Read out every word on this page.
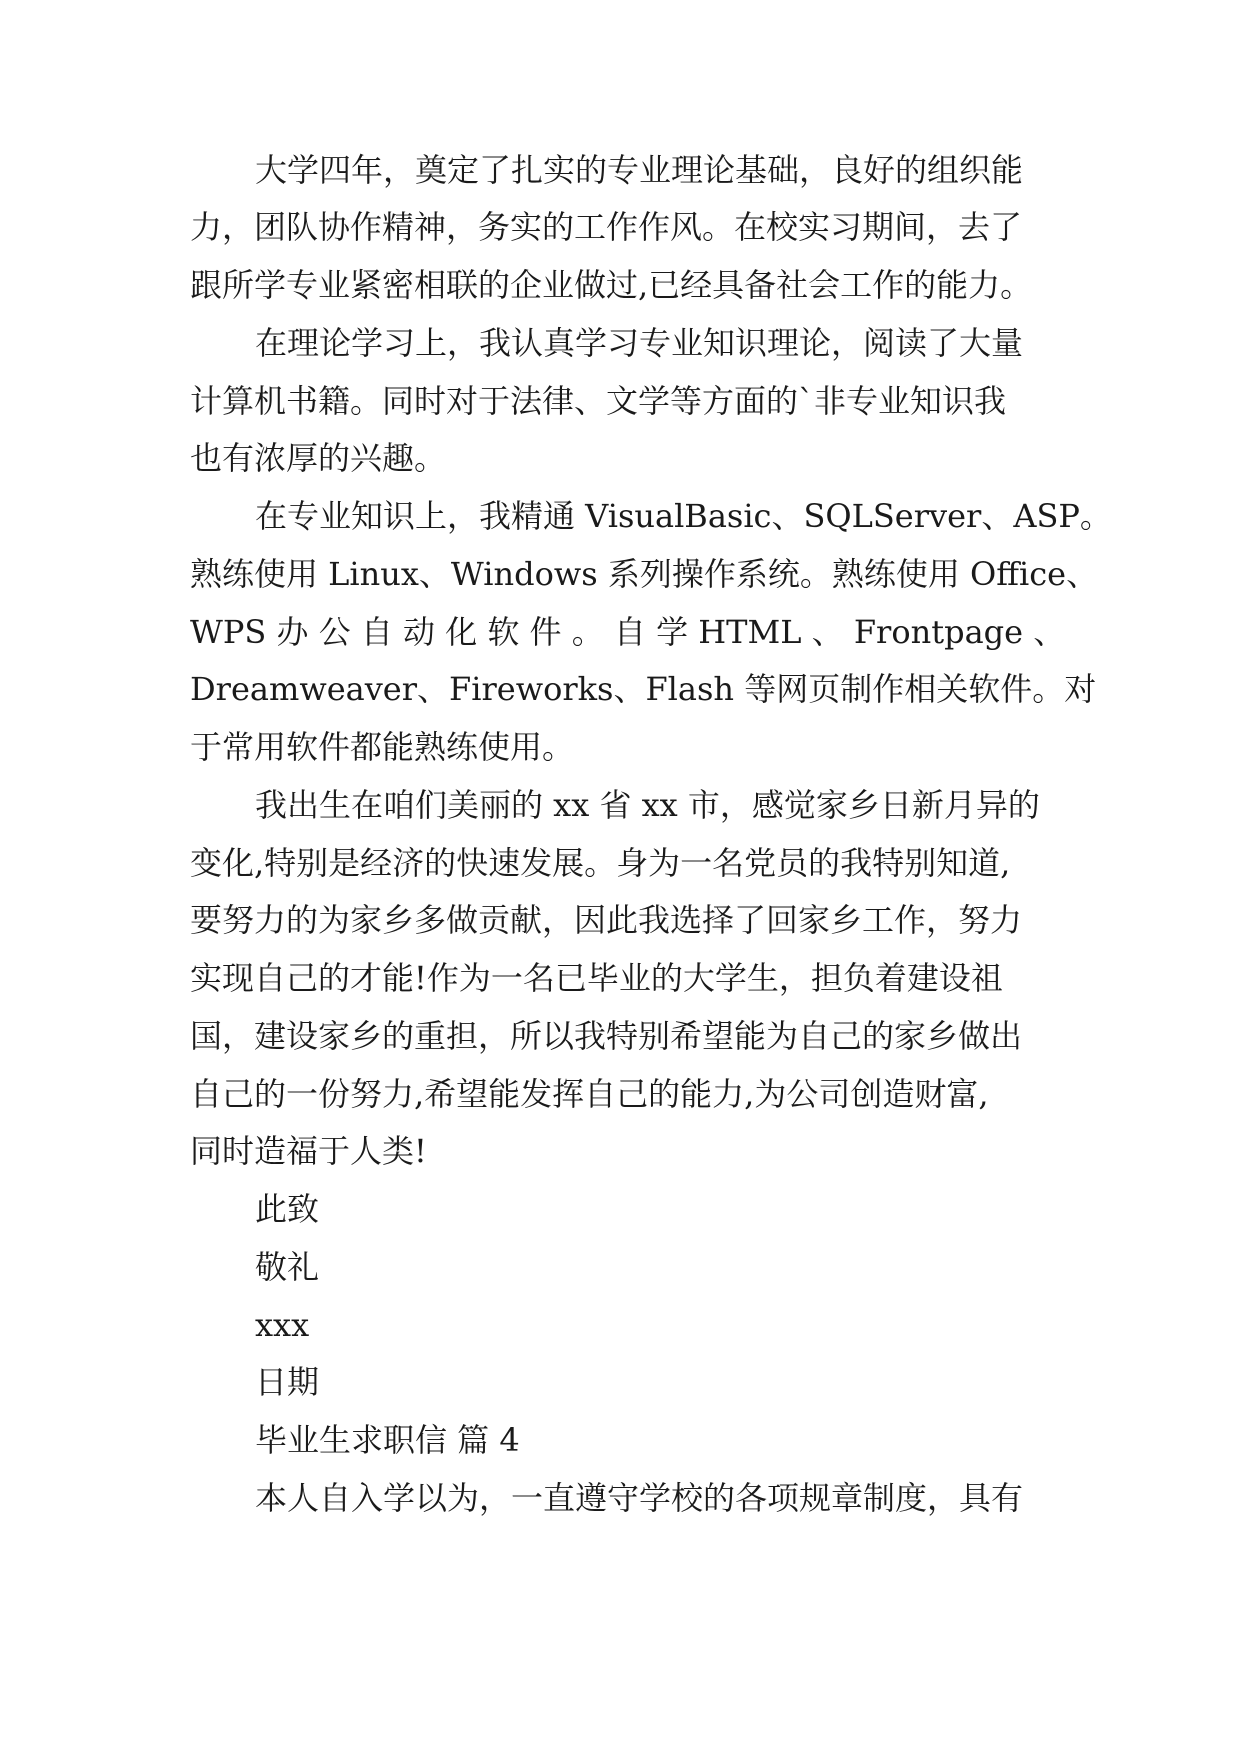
大学四年，奠定了扎实的专业理论基础，良好的组织能
力，团队协作精神，务实的工作作风。在校实习期间，去了
跟所学专业紧密相联的企业做过,已经具备社会工作的能力。
在理论学习上，我认真学习专业知识理论，阅读了大量
计算机书籍。同时对于法律、文学等方面的`非专业知识我
也有浓厚的兴趣。
在专业知识上，我精通 VisualBasic、SQLServer、ASP。
熟练使用 Linux、Windows 系列操作系统。熟练使用 Office、
WPS 办 公 自 动 化 软 件 。 自 学 HTML 、 Frontpage 、
Dreamweaver、Fireworks、Flash 等网页制作相关软件。对
于常用软件都能熟练使用。
我出生在咱们美丽的 xx 省 xx 市，感觉家乡日新月异的
变化,特别是经济的快速发展。身为一名党员的我特别知道,
要努力的为家乡多做贡献，因此我选择了回家乡工作，努力
实现自己的才能!作为一名已毕业的大学生，担负着建设祖
国，建设家乡的重担，所以我特别希望能为自己的家乡做出
自己的一份努力,希望能发挥自己的能力,为公司创造财富,
同时造福于人类!
此致
敬礼
xxx
日期
毕业生求职信 篇 4
本人自入学以为，一直遵守学校的各项规章制度，具有
